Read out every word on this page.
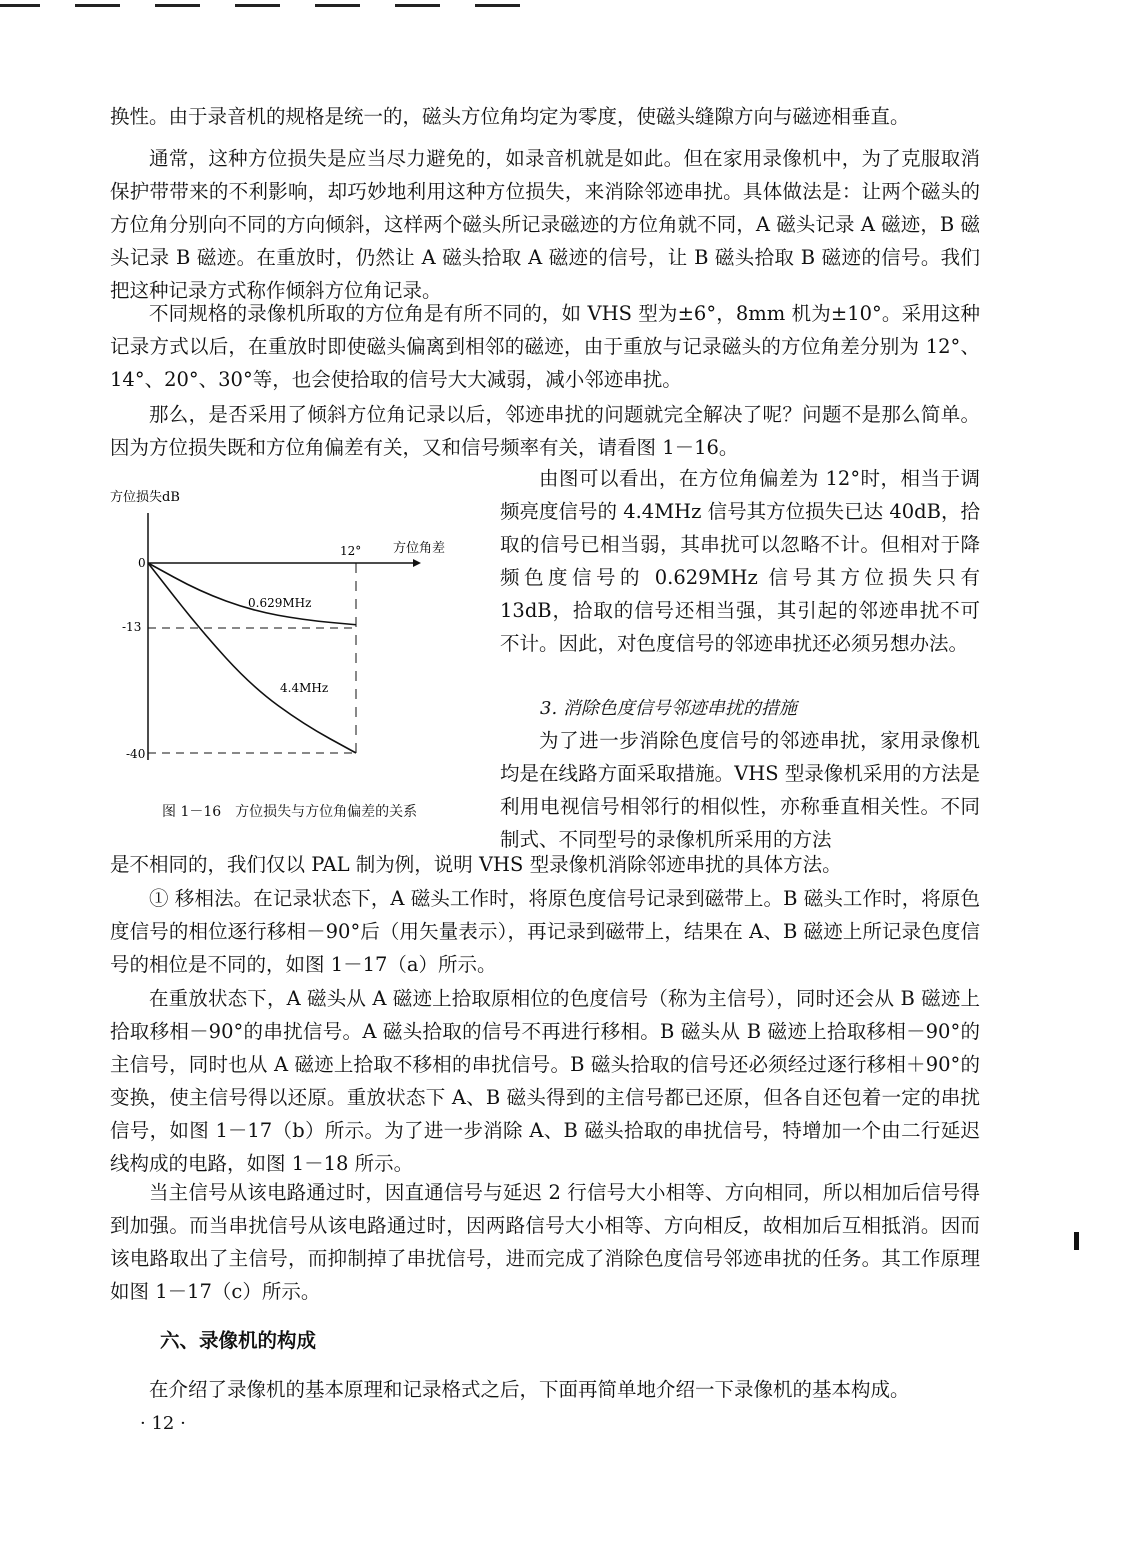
换性。由于录音机的规格是统一的，磁头方位角均定为零度，使磁头缝隙方向与磁迹相垂直。

通常，这种方位损失是应当尽力避免的，如录音机就是如此。但在家用录像机中，为了克服取消保护带带来的不利影响，却巧妙地利用这种方位损失，来消除邻迹串扰。具体做法是：让两个磁头的方位角分别向不同的方向倾斜，这样两个磁头所记录磁迹的方位角就不同，A 磁头记录 A 磁迹，B 磁头记录 B 磁迹。在重放时，仍然让 A 磁头拾取 A 磁迹的信号，让 B 磁头拾取 B 磁迹的信号。我们把这种记录方式称作倾斜方位角记录。

不同规格的录像机所取的方位角是有所不同的，如 VHS 型为±6°，8mm 机为±10°。采用这种记录方式以后，在重放时即使磁头偏离到相邻的磁迹，由于重放与记录磁头的方位角差分别为 12°、14°、20°、30°等，也会使拾取的信号大大减弱，减小邻迹串扰。

那么，是否采用了倾斜方位角记录以后，邻迹串扰的问题就完全解决了呢？问题不是那么简单。因为方位损失既和方位角偏差有关，又和信号频率有关，请看图 1－16。

方位损失dB
方位角差
12°
0
-13
-40
0.629MHz
4.4MHz
图 1－16　方位损失与方位角偏差的关系

由图可以看出，在方位角偏差为 12°时，相当于调频亮度信号的 4.4MHz 信号其方位损失已达 40dB，拾取的信号已相当弱，其串扰可以忽略不计。但相对于降频色度信号的 0.629MHz 信号其方位损失只有 13dB，拾取的信号还相当强，其引起的邻迹串扰不可不计。因此，对色度信号的邻迹串扰还必须另想办法。

3. 消除色度信号邻迹串扰的措施

为了进一步消除色度信号的邻迹串扰，家用录像机均是在线路方面采取措施。VHS 型录像机采用的方法是利用电视信号相邻行的相似性，亦称垂直相关性。不同制式、不同型号的录像机所采用的方法

是不相同的，我们仅以 PAL 制为例，说明 VHS 型录像机消除邻迹串扰的具体方法。

① 移相法。在记录状态下，A 磁头工作时，将原色度信号记录到磁带上。B 磁头工作时，将原色度信号的相位逐行移相－90°后（用矢量表示），再记录到磁带上，结果在 A、B 磁迹上所记录色度信号的相位是不同的，如图 1－17（a）所示。

在重放状态下，A 磁头从 A 磁迹上拾取原相位的色度信号（称为主信号），同时还会从 B 磁迹上拾取移相－90°的串扰信号。A 磁头拾取的信号不再进行移相。B 磁头从 B 磁迹上拾取移相－90°的主信号，同时也从 A 磁迹上拾取不移相的串扰信号。B 磁头拾取的信号还必须经过逐行移相＋90°的变换，使主信号得以还原。重放状态下 A、B 磁头得到的主信号都已还原，但各自还包着一定的串扰信号，如图 1－17（b）所示。为了进一步消除 A、B 磁头拾取的串扰信号，特增加一个由二行延迟线构成的电路，如图 1－18 所示。

当主信号从该电路通过时，因直通信号与延迟 2 行信号大小相等、方向相同，所以相加后信号得到加强。而当串扰信号从该电路通过时，因两路信号大小相等、方向相反，故相加后互相抵消。因而该电路取出了主信号，而抑制掉了串扰信号，进而完成了消除色度信号邻迹串扰的任务。其工作原理如图 1－17（c）所示。

六、录像机的构成

在介绍了录像机的基本原理和记录格式之后，下面再简单地介绍一下录像机的基本构成。

· 12 ·
